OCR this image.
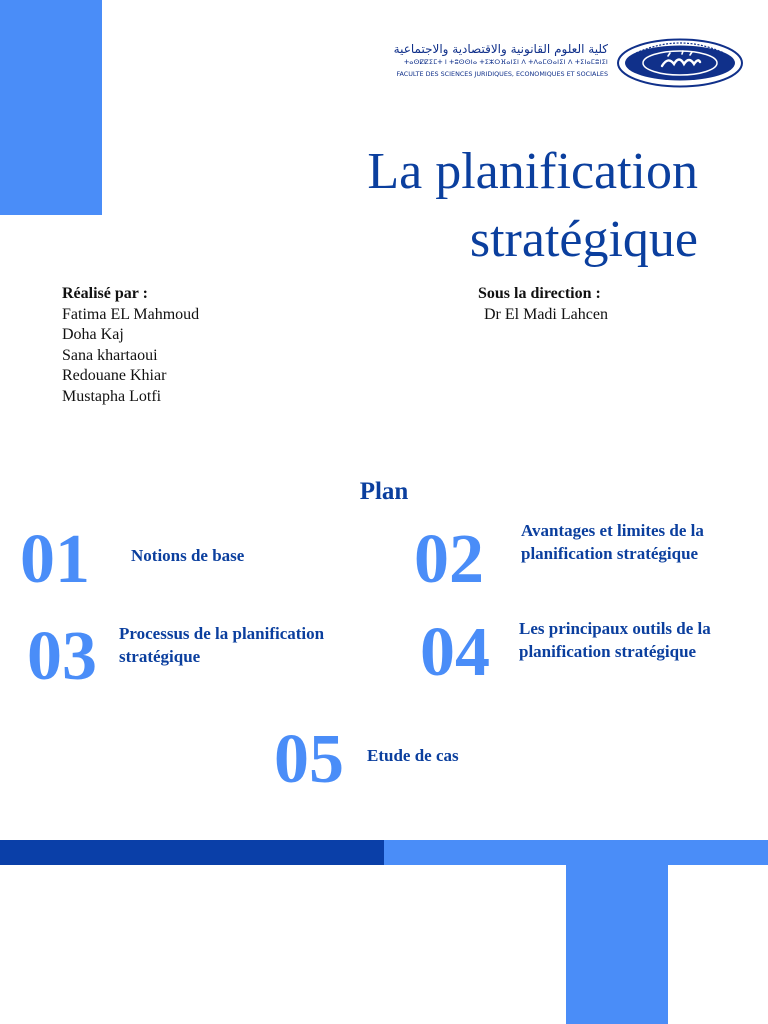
كلية العلوم القانونية والاقتصادية والاجتماعية
ⵜⴰⵙⵇⵇⵉⵎⵜ ⵏ ⵜⵓⵙⵙⵏⴰ ⵜⵉⵣⵔⴼⴰⵏⵉⵏ ⴷ ⵜⴷⴰⵎⵙⴰⵏⵉⵏ ⴷ ⵜⵉⵏⴰⵎⵓⵏⵉⵏ
FACULTE DES SCIENCES JURIDIQUES, ECONOMIQUES ET SOCIALES
La planification
stratégique
Réalisé par :
Fatima EL Mahmoud
Doha Kaj
Sana khartaoui
Redouane Khiar
Mustapha Lotfi
Sous la direction :
Dr El Madi Lahcen
Plan
01 Notions de base 02 Avantages et limites de la planification stratégique
03 Processus de la planification stratégique	04 Les principaux outils de la planification stratégique
05 Etude de cas
